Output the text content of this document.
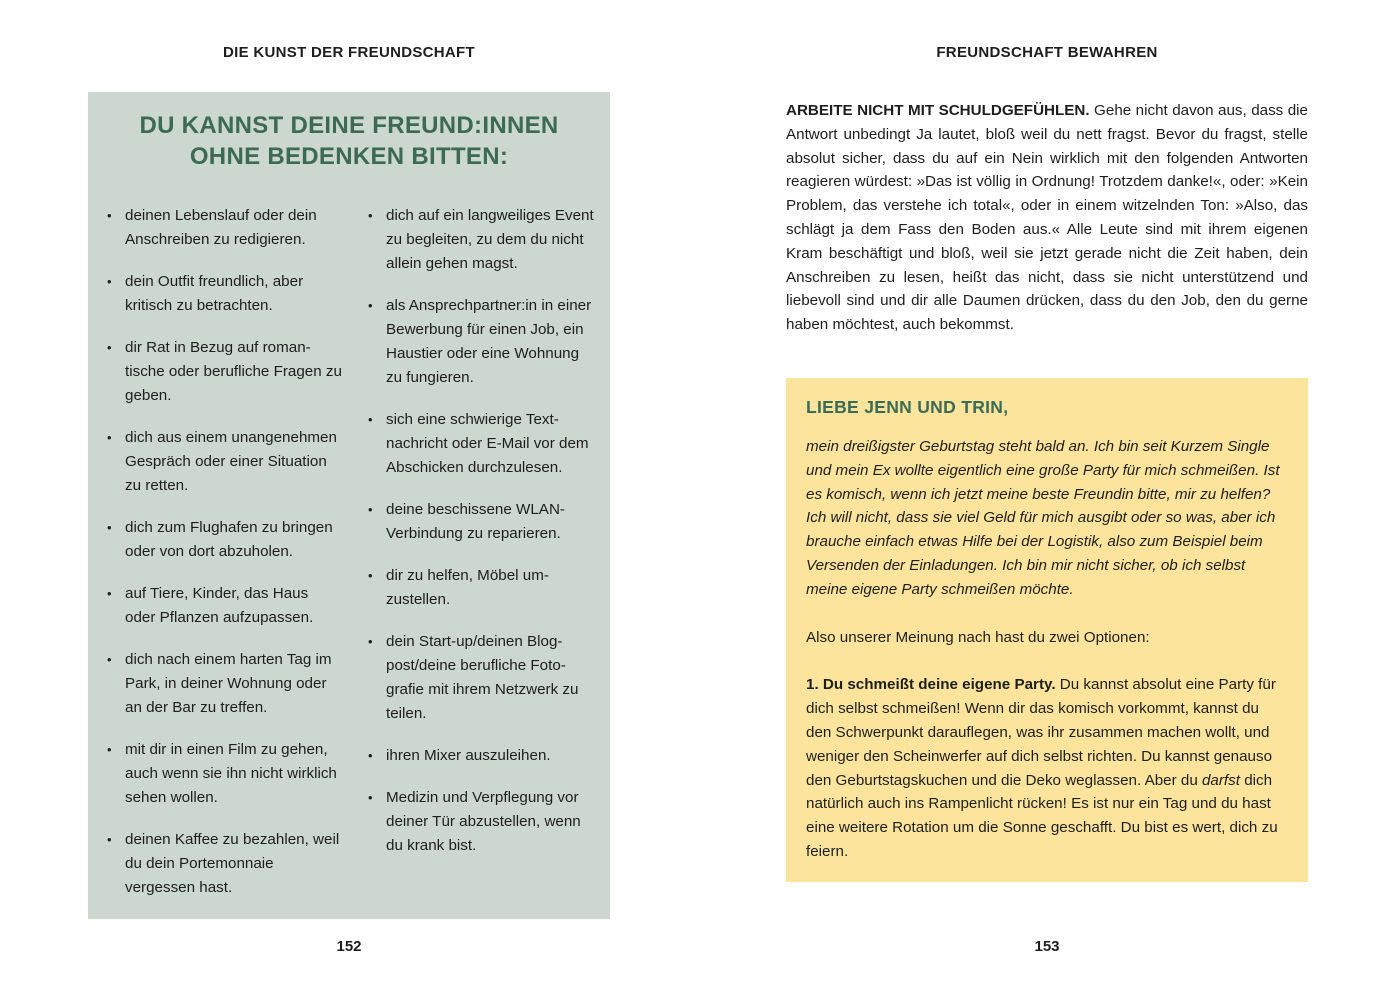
DIE KUNST DER FREUNDSCHAFT	FREUNDSCHAFT BEWAHREN
DU KANNST DEINE FREUND:INNEN
OHNE BEDENKEN BITTEN:
• deinen Lebenslauf oder dein Anschreiben zu redigieren.
• dein Outfit freundlich, aber kritisch zu betrachten.
• dir Rat in Bezug auf romantische oder berufliche Fragen zu geben.
• dich aus einem unangenehmen Gespräch oder einer Situation zu retten.
• dich zum Flughafen zu bringen oder von dort abzuholen.
• auf Tiere, Kinder, das Haus oder Pflanzen aufzupassen.
• dich nach einem harten Tag im Park, in deiner Wohnung oder an der Bar zu treffen.
• mit dir in einen Film zu gehen, auch wenn sie ihn nicht wirklich sehen wollen.
• deinen Kaffee zu bezahlen, weil du dein Portemonnaie vergessen hast.
• dich auf ein langweiliges Event zu begleiten, zu dem du nicht allein gehen magst.
• als Ansprechpartner:in in einer Bewerbung für einen Job, ein Haustier oder eine Wohnung zu fungieren.
• sich eine schwierige Textnachricht oder E-Mail vor dem Abschicken durchzulesen.
• deine beschissene WLAN-Verbindung zu reparieren.
• dir zu helfen, Möbel umzustellen.
• dein Start-up/deinen Blogpost/deine berufliche Fotografie mit ihrem Netzwerk zu teilen.
• ihren Mixer auszuleihen.
• Medizin und Verpflegung vor deiner Tür abzustellen, wenn du krank bist.
ARBEITE NICHT MIT SCHULDGEFÜHLEN. Gehe nicht davon aus, dass die Antwort unbedingt Ja lautet, bloß weil du nett fragst. Bevor du fragst, stelle absolut sicher, dass du auf ein Nein wirklich mit den folgenden Antworten reagieren würdest: »Das ist völlig in Ordnung! Trotzdem danke!«, oder: »Kein Problem, das verstehe ich total«, oder in einem witzelnden Ton: »Also, das schlägt ja dem Fass den Boden aus.« Alle Leute sind mit ihrem eigenen Kram beschäftigt und bloß, weil sie jetzt gerade nicht die Zeit haben, dein Anschreiben zu lesen, heißt das nicht, dass sie nicht unterstützend und liebevoll sind und dir alle Daumen drücken, dass du den Job, den du gerne haben möchtest, auch bekommst.
LIEBE JENN UND TRIN,

mein dreißigster Geburtstag steht bald an. Ich bin seit Kurzem Single und mein Ex wollte eigentlich eine große Party für mich schmeißen. Ist es komisch, wenn ich jetzt meine beste Freundin bitte, mir zu helfen? Ich will nicht, dass sie viel Geld für mich ausgibt oder so was, aber ich brauche einfach etwas Hilfe bei der Logistik, also zum Beispiel beim Versenden der Einladungen. Ich bin mir nicht sicher, ob ich selbst meine eigene Party schmeißen möchte.

Also unserer Meinung nach hast du zwei Optionen:

1. Du schmeißt deine eigene Party. Du kannst absolut eine Party für dich selbst schmeißen! Wenn dir das komisch vorkommt, kannst du den Schwerpunkt darauflegen, was ihr zusammen machen wollt, und weniger den Scheinwerfer auf dich selbst richten. Du kannst genauso den Geburtstagskuchen und die Deko weglassen. Aber du darfst dich natürlich auch ins Rampenlicht rücken! Es ist nur ein Tag und du hast eine weitere Rotation um die Sonne geschafft. Du bist es wert, dich zu feiern.

152	153
